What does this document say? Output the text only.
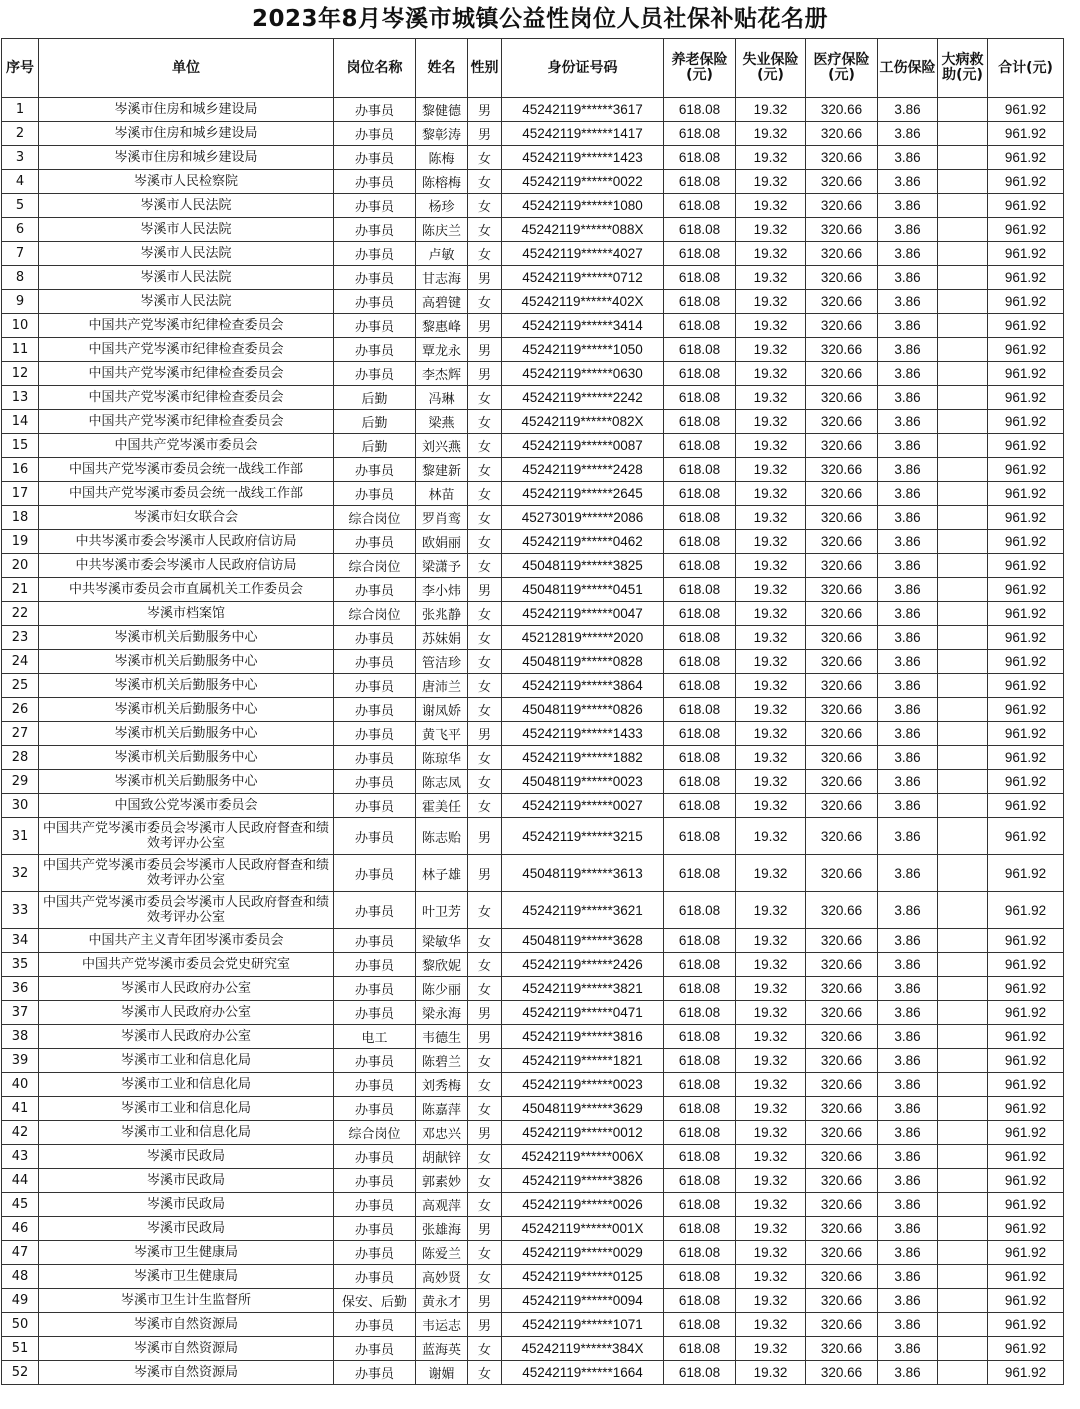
2023年8月岑溪市城镇公益性岗位人员社保补贴花名册
序号	单位	岗位名称	姓名	性别	身份证号码	养老保险(元)	失业保险(元)	医疗保险(元)	工伤保险	大病救助(元)	合计(元)
1	岑溪市住房和城乡建设局	办事员	黎健德	男	45242119******3617	618.08	19.32	320.66	3.86		961.92
2	岑溪市住房和城乡建设局	办事员	黎彰涛	男	45242119******1417	618.08	19.32	320.66	3.86		961.92
3	岑溪市住房和城乡建设局	办事员	陈梅	女	45242119******1423	618.08	19.32	320.66	3.86		961.92
4	岑溪市人民检察院	办事员	陈榕梅	女	45242119******0022	618.08	19.32	320.66	3.86		961.92
5	岑溪市人民法院	办事员	杨珍	女	45242119******1080	618.08	19.32	320.66	3.86		961.92
6	岑溪市人民法院	办事员	陈庆兰	女	45242119******088X	618.08	19.32	320.66	3.86		961.92
7	岑溪市人民法院	办事员	卢敏	女	45242119******4027	618.08	19.32	320.66	3.86		961.92
8	岑溪市人民法院	办事员	甘志海	男	45242119******0712	618.08	19.32	320.66	3.86		961.92
9	岑溪市人民法院	办事员	高碧键	女	45242119******402X	618.08	19.32	320.66	3.86		961.92
10	中国共产党岑溪市纪律检查委员会	办事员	黎惠峰	男	45242119******3414	618.08	19.32	320.66	3.86		961.92
11	中国共产党岑溪市纪律检查委员会	办事员	覃龙永	男	45242119******1050	618.08	19.32	320.66	3.86		961.92
12	中国共产党岑溪市纪律检查委员会	办事员	李杰辉	男	45242119******0630	618.08	19.32	320.66	3.86		961.92
13	中国共产党岑溪市纪律检查委员会	后勤	冯琳	女	45242119******2242	618.08	19.32	320.66	3.86		961.92
14	中国共产党岑溪市纪律检查委员会	后勤	梁燕	女	45242119******082X	618.08	19.32	320.66	3.86		961.92
15	中国共产党岑溪市委员会	后勤	刘兴燕	女	45242119******0087	618.08	19.32	320.66	3.86		961.92
16	中国共产党岑溪市委员会统一战线工作部	办事员	黎建新	女	45242119******2428	618.08	19.32	320.66	3.86		961.92
17	中国共产党岑溪市委员会统一战线工作部	办事员	林苗	女	45242119******2645	618.08	19.32	320.66	3.86		961.92
18	岑溪市妇女联合会	综合岗位	罗肖鸾	女	45273019******2086	618.08	19.32	320.66	3.86		961.92
19	中共岑溪市委会岑溪市人民政府信访局	办事员	欧娟丽	女	45242119******0462	618.08	19.32	320.66	3.86		961.92
20	中共岑溪市委会岑溪市人民政府信访局	综合岗位	梁潇予	女	45048119******3825	618.08	19.32	320.66	3.86		961.92
21	中共岑溪市委员会市直属机关工作委员会	办事员	李小炜	男	45048119******0451	618.08	19.32	320.66	3.86		961.92
22	岑溪市档案馆	综合岗位	张兆静	女	45242119******0047	618.08	19.32	320.66	3.86		961.92
23	岑溪市机关后勤服务中心	办事员	苏妹娟	女	45212819******2020	618.08	19.32	320.66	3.86		961.92
24	岑溪市机关后勤服务中心	办事员	管洁珍	女	45048119******0828	618.08	19.32	320.66	3.86		961.92
25	岑溪市机关后勤服务中心	办事员	唐沛兰	女	45242119******3864	618.08	19.32	320.66	3.86		961.92
26	岑溪市机关后勤服务中心	办事员	谢凤娇	女	45048119******0826	618.08	19.32	320.66	3.86		961.92
27	岑溪市机关后勤服务中心	办事员	黄飞平	男	45242119******1433	618.08	19.32	320.66	3.86		961.92
28	岑溪市机关后勤服务中心	办事员	陈琼华	女	45242119******1882	618.08	19.32	320.66	3.86		961.92
29	岑溪市机关后勤服务中心	办事员	陈志凤	女	45048119******0023	618.08	19.32	320.66	3.86		961.92
30	中国致公党岑溪市委员会	办事员	霍美任	女	45242119******0027	618.08	19.32	320.66	3.86		961.92
31	中国共产党岑溪市委员会岑溪市人民政府督查和绩效考评办公室	办事员	陈志贻	男	45242119******3215	618.08	19.32	320.66	3.86		961.92
32	中国共产党岑溪市委员会岑溪市人民政府督查和绩效考评办公室	办事员	林子雄	男	45048119******3613	618.08	19.32	320.66	3.86		961.92
33	中国共产党岑溪市委员会岑溪市人民政府督查和绩效考评办公室	办事员	叶卫芳	女	45242119******3621	618.08	19.32	320.66	3.86		961.92
34	中国共产主义青年团岑溪市委员会	办事员	梁敏华	女	45048119******3628	618.08	19.32	320.66	3.86		961.92
35	中国共产党岑溪市委员会党史研究室	办事员	黎欣妮	女	45242119******2426	618.08	19.32	320.66	3.86		961.92
36	岑溪市人民政府办公室	办事员	陈少丽	女	45242119******3821	618.08	19.32	320.66	3.86		961.92
37	岑溪市人民政府办公室	办事员	梁永海	男	45242119******0471	618.08	19.32	320.66	3.86		961.92
38	岑溪市人民政府办公室	电工	韦德生	男	45242119******3816	618.08	19.32	320.66	3.86		961.92
39	岑溪市工业和信息化局	办事员	陈碧兰	女	45242119******1821	618.08	19.32	320.66	3.86		961.92
40	岑溪市工业和信息化局	办事员	刘秀梅	女	45242119******0023	618.08	19.32	320.66	3.86		961.92
41	岑溪市工业和信息化局	办事员	陈嘉萍	女	45048119******3629	618.08	19.32	320.66	3.86		961.92
42	岑溪市工业和信息化局	综合岗位	邓忠兴	男	45242119******0012	618.08	19.32	320.66	3.86		961.92
43	岑溪市民政局	办事员	胡献锌	女	45242119******006X	618.08	19.32	320.66	3.86		961.92
44	岑溪市民政局	办事员	郭素妙	女	45242119******3826	618.08	19.32	320.66	3.86		961.92
45	岑溪市民政局	办事员	高观萍	女	45242119******0026	618.08	19.32	320.66	3.86		961.92
46	岑溪市民政局	办事员	张雄海	男	45242119******001X	618.08	19.32	320.66	3.86		961.92
47	岑溪市卫生健康局	办事员	陈爱兰	女	45242119******0029	618.08	19.32	320.66	3.86		961.92
48	岑溪市卫生健康局	办事员	高妙贤	女	45242119******0125	618.08	19.32	320.66	3.86		961.92
49	岑溪市卫生计生监督所	保安、后勤	黄永才	男	45242119******0094	618.08	19.32	320.66	3.86		961.92
50	岑溪市自然资源局	办事员	韦运志	男	45242119******1071	618.08	19.32	320.66	3.86		961.92
51	岑溪市自然资源局	办事员	蓝海英	女	45242119******384X	618.08	19.32	320.66	3.86		961.92
52	岑溪市自然资源局	办事员	谢媚	女	45242119******1664	618.08	19.32	320.66	3.86		961.92
